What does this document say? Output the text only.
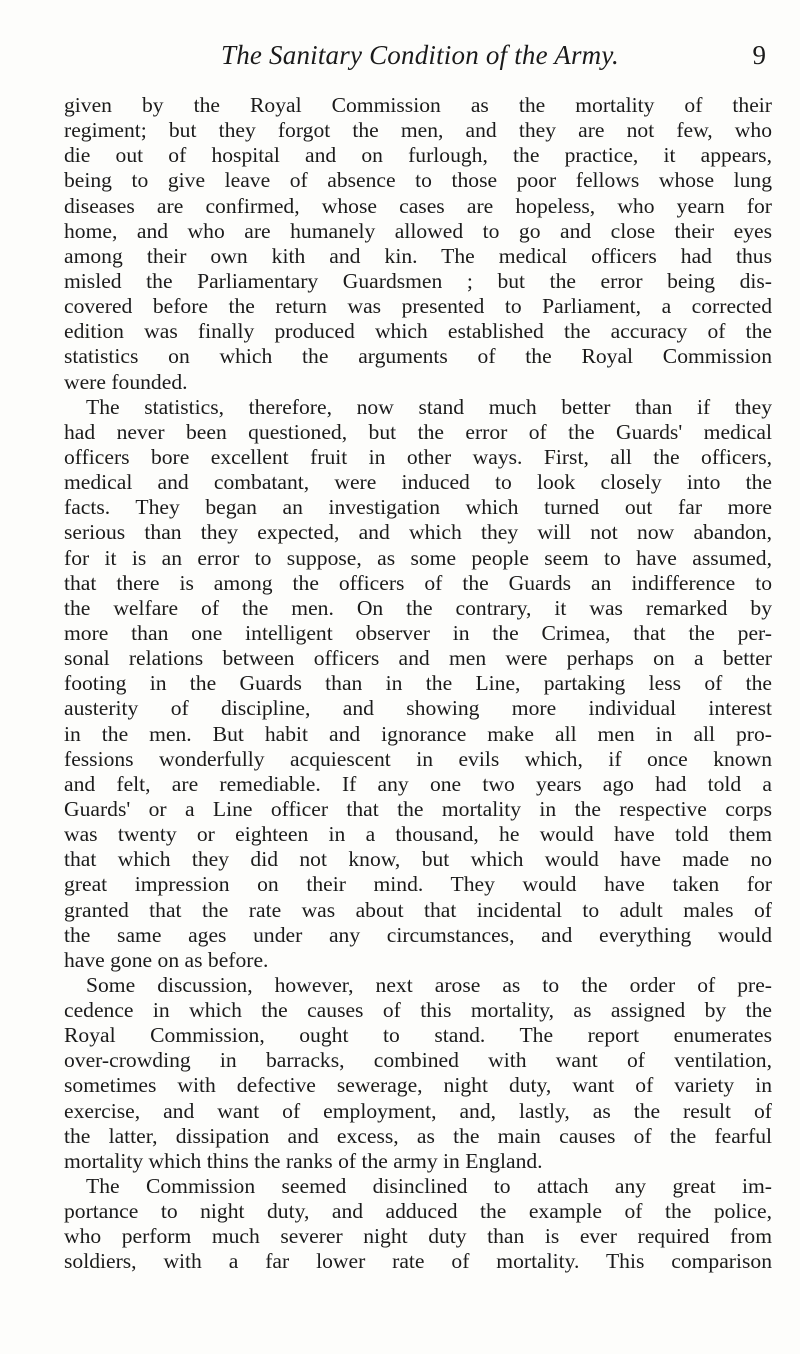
The Sanitary Condition of the Army.	9
given by the Royal Commission as the mortality of their
regiment; but they forgot the men, and they are not few, who
die out of hospital and on furlough, the practice, it appears,
being to give leave of absence to those poor fellows whose lung
diseases are confirmed, whose cases are hopeless, who yearn for
home, and who are humanely allowed to go and close their eyes
among their own kith and kin. The medical officers had thus
misled the Parliamentary Guardsmen ; but the error being dis-
covered before the return was presented to Parliament, a corrected
edition was finally produced which established the accuracy of the
statistics on which the arguments of the Royal Commission
were founded.
The statistics, therefore, now stand much better than if they
had never been questioned, but the error of the Guards' medical
officers bore excellent fruit in other ways. First, all the officers,
medical and combatant, were induced to look closely into the
facts. They began an investigation which turned out far more
serious than they expected, and which they will not now abandon,
for it is an error to suppose, as some people seem to have assumed,
that there is among the officers of the Guards an indifference to
the welfare of the men. On the contrary, it was remarked by
more than one intelligent observer in the Crimea, that the per-
sonal relations between officers and men were perhaps on a better
footing in the Guards than in the Line, partaking less of the
austerity of discipline, and showing more individual interest
in the men. But habit and ignorance make all men in all pro-
fessions wonderfully acquiescent in evils which, if once known
and felt, are remediable. If any one two years ago had told a
Guards' or a Line officer that the mortality in the respective corps
was twenty or eighteen in a thousand, he would have told them
that which they did not know, but which would have made no
great impression on their mind. They would have taken for
granted that the rate was about that incidental to adult males of
the same ages under any circumstances, and everything would
have gone on as before.
Some discussion, however, next arose as to the order of pre-
cedence in which the causes of this mortality, as assigned by the
Royal Commission, ought to stand. The report enumerates
over-crowding in barracks, combined with want of ventilation,
sometimes with defective sewerage, night duty, want of variety in
exercise, and want of employment, and, lastly, as the result of
the latter, dissipation and excess, as the main causes of the fearful
mortality which thins the ranks of the army in England.
The Commission seemed disinclined to attach any great im-
portance to night duty, and adduced the example of the police,
who perform much severer night duty than is ever required from
soldiers, with a far lower rate of mortality. This comparison
